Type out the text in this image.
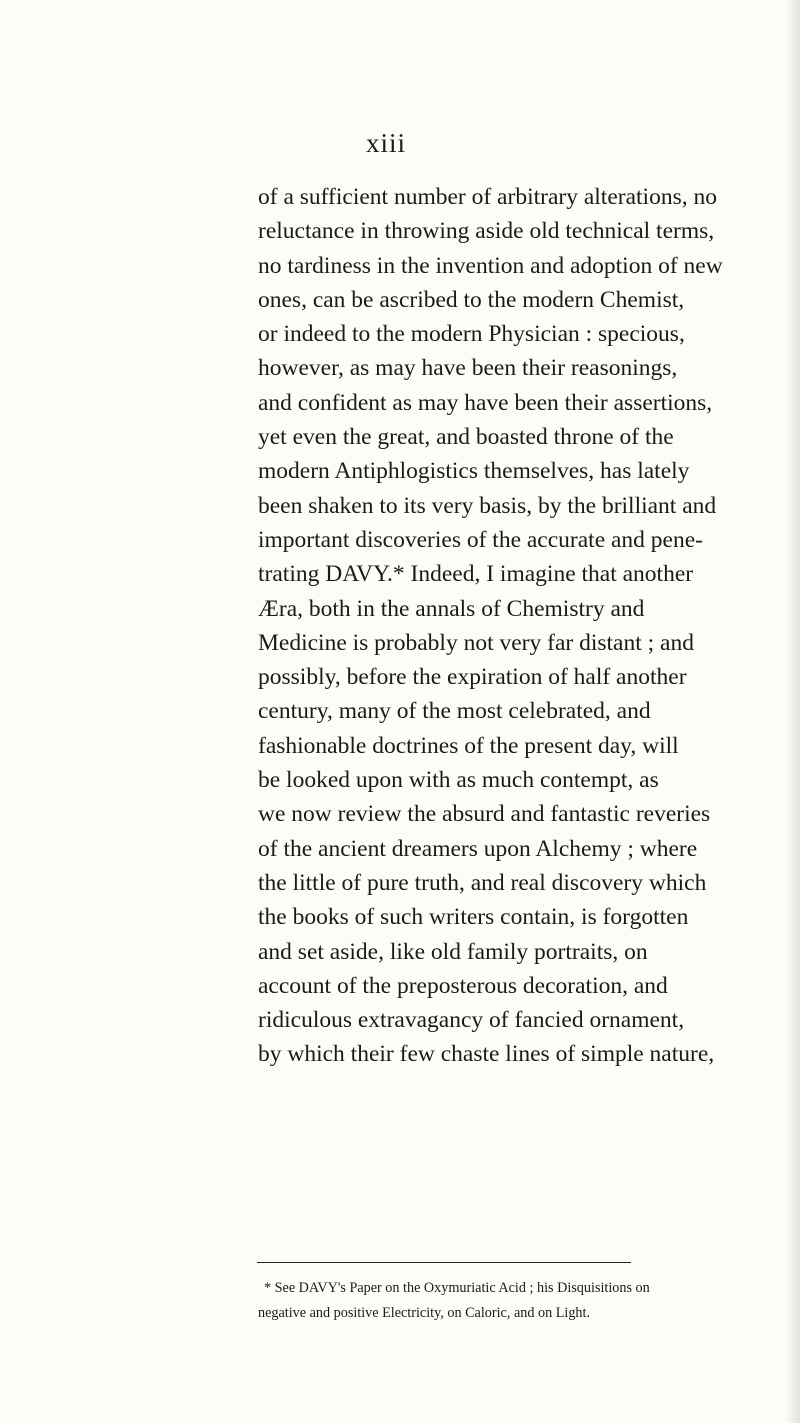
xiii
of a sufficient number of arbitrary alterations, no
reluctance in throwing aside old technical terms,
no tardiness in the invention and adoption of new
ones, can be ascribed to the modern Chemist,
or indeed to the modern Physician : specious,
however, as may have been their reasonings,
and confident as may have been their assertions,
yet even the great, and boasted throne of the
modern Antiphlogistics themselves, has lately
been shaken to its very basis, by the brilliant and
important discoveries of the accurate and pene-
trating DAVY.* Indeed, I imagine that another
Æra, both in the annals of Chemistry and
Medicine is probably not very far distant ; and
possibly, before the expiration of half another
century, many of the most celebrated, and
fashionable doctrines of the present day, will
be looked upon with as much contempt, as
we now review the absurd and fantastic reveries
of the ancient dreamers upon Alchemy ; where
the little of pure truth, and real discovery which
the books of such writers contain, is forgotten
and set aside, like old family portraits, on
account of the preposterous decoration, and
ridiculous extravagancy of fancied ornament,
by which their few chaste lines of simple nature,
* See DAVY's Paper on the Oxymuriatic Acid ; his Disquisitions on
negative and positive Electricity, on Caloric, and on Light.
